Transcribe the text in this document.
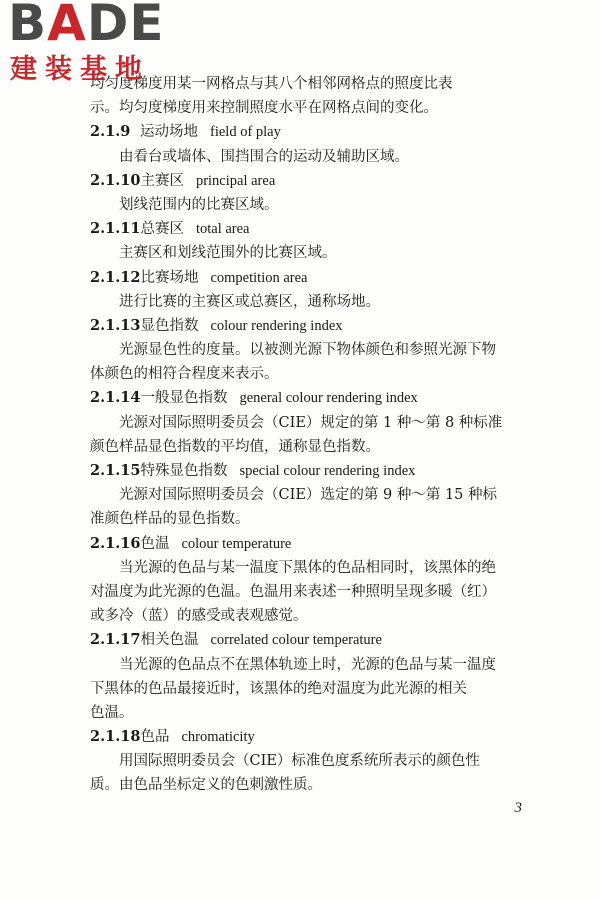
BADE
建装基地
均匀度梯度用某一网格点与其八个相邻网格点的照度比表
示。均匀度梯度用来控制照度水平在网格点间的变化。
2.1.9 运动场地 field of play
由看台或墙体、围挡围合的运动及辅助区域。
2.1.10主赛区 principal area
划线范围内的比赛区域。
2.1.11总赛区 total area
主赛区和划线范围外的比赛区域。
2.1.12比赛场地 competition area
进行比赛的主赛区或总赛区，通称场地。
2.1.13显色指数 colour rendering index
光源显色性的度量。以被测光源下物体颜色和参照光源下物
体颜色的相符合程度来表示。
2.1.14一般显色指数 general colour rendering index
光源对国际照明委员会（CIE）规定的第 1 种～第 8 种标准
颜色样品显色指数的平均值，通称显色指数。
2.1.15特殊显色指数 special colour rendering index
光源对国际照明委员会（CIE）选定的第 9 种～第 15 种标
准颜色样品的显色指数。
2.1.16色温 colour temperature
当光源的色品与某一温度下黑体的色品相同时，该黑体的绝
对温度为此光源的色温。色温用来表述一种照明呈现多暖（红）
或多冷（蓝）的感受或表观感觉。
2.1.17相关色温 correlated colour temperature
当光源的色品点不在黑体轨迹上时，光源的色品与某一温度
下黑体的色品最接近时，该黑体的绝对温度为此光源的相关
色温。
2.1.18色品 chromaticity
用国际照明委员会（CIE）标准色度系统所表示的颜色性
质。由色品坐标定义的色刺激性质。
3
